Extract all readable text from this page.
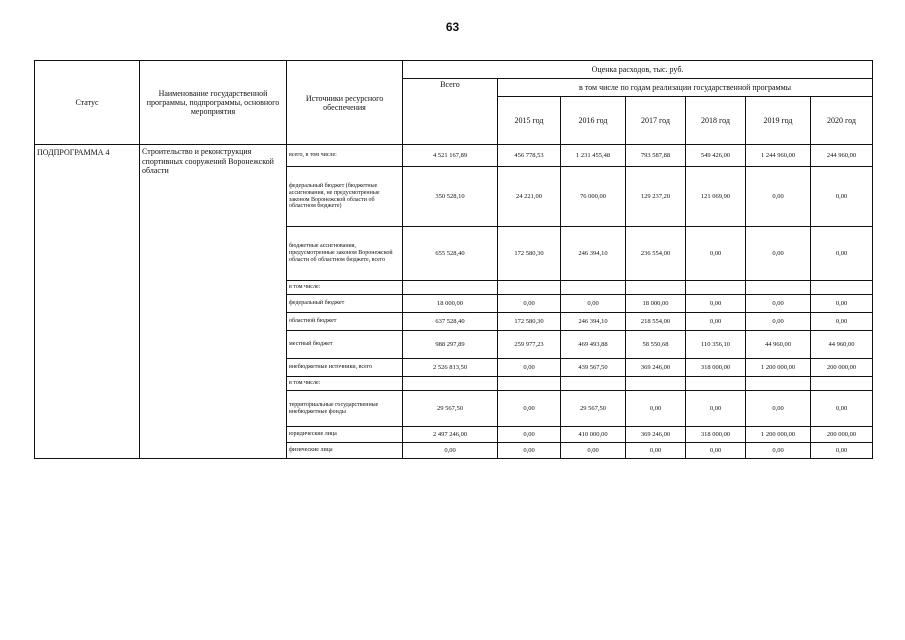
63
Статус	Наименование государственной программы, подпрограммы, основного мероприятия	Источники ресурсного обеспечения	Оценка расходов, тыс. руб.						
			Всего	в том числе по годам реализации государственной программы					
				2015 год	2016 год	2017 год	2018 год	2019 год	2020 год
ПОДПРОГРАММА 4	Строительство и реконструкция спортивных сооружений Воронежской области	всего, в том числе:	4 521 167,89	456 778,53	1 231 455,48	793 587,88	549 426,00	1 244 960,00	244 960,00
		федеральный бюджет (бюджетные ассигнования, не предусмотренные законом Воронежской области об областном бюджете)	350 528,10	24 221,00	76 000,00	129 237,20	121 069,90	0,00	0,00
		бюджетные ассигнования, предусмотренные законом Воронежской области об областном бюджете, всего	655 528,40	172 580,30	246 394,10	236 554,00	0,00	0,00	0,00
		в том числе:							
		федеральный бюджет	18 000,00	0,00	0,00	18 000,00	0,00	0,00	0,00
		областной бюджет	637 528,40	172 580,30	246 394,10	218 554,00	0,00	0,00	0,00
		местный бюджет	988 297,89	259 977,23	469 493,88	58 550,68	110 356,10	44 960,00	44 960,00
		внебюджетные источники, всего	2 526 813,50	0,00	439 567,50	369 246,00	318 000,00	1 200 000,00	200 000,00
		в том числе:							
		территориальные государственные внебюджетные фонды	29 567,50	0,00	29 567,50	0,00	0,00	0,00	0,00
		юридические лица	2 497 246,00	0,00	410 000,00	369 246,00	318 000,00	1 200 000,00	200 000,00
		физические лица	0,00	0,00	0,00	0,00	0,00	0,00	0,00
